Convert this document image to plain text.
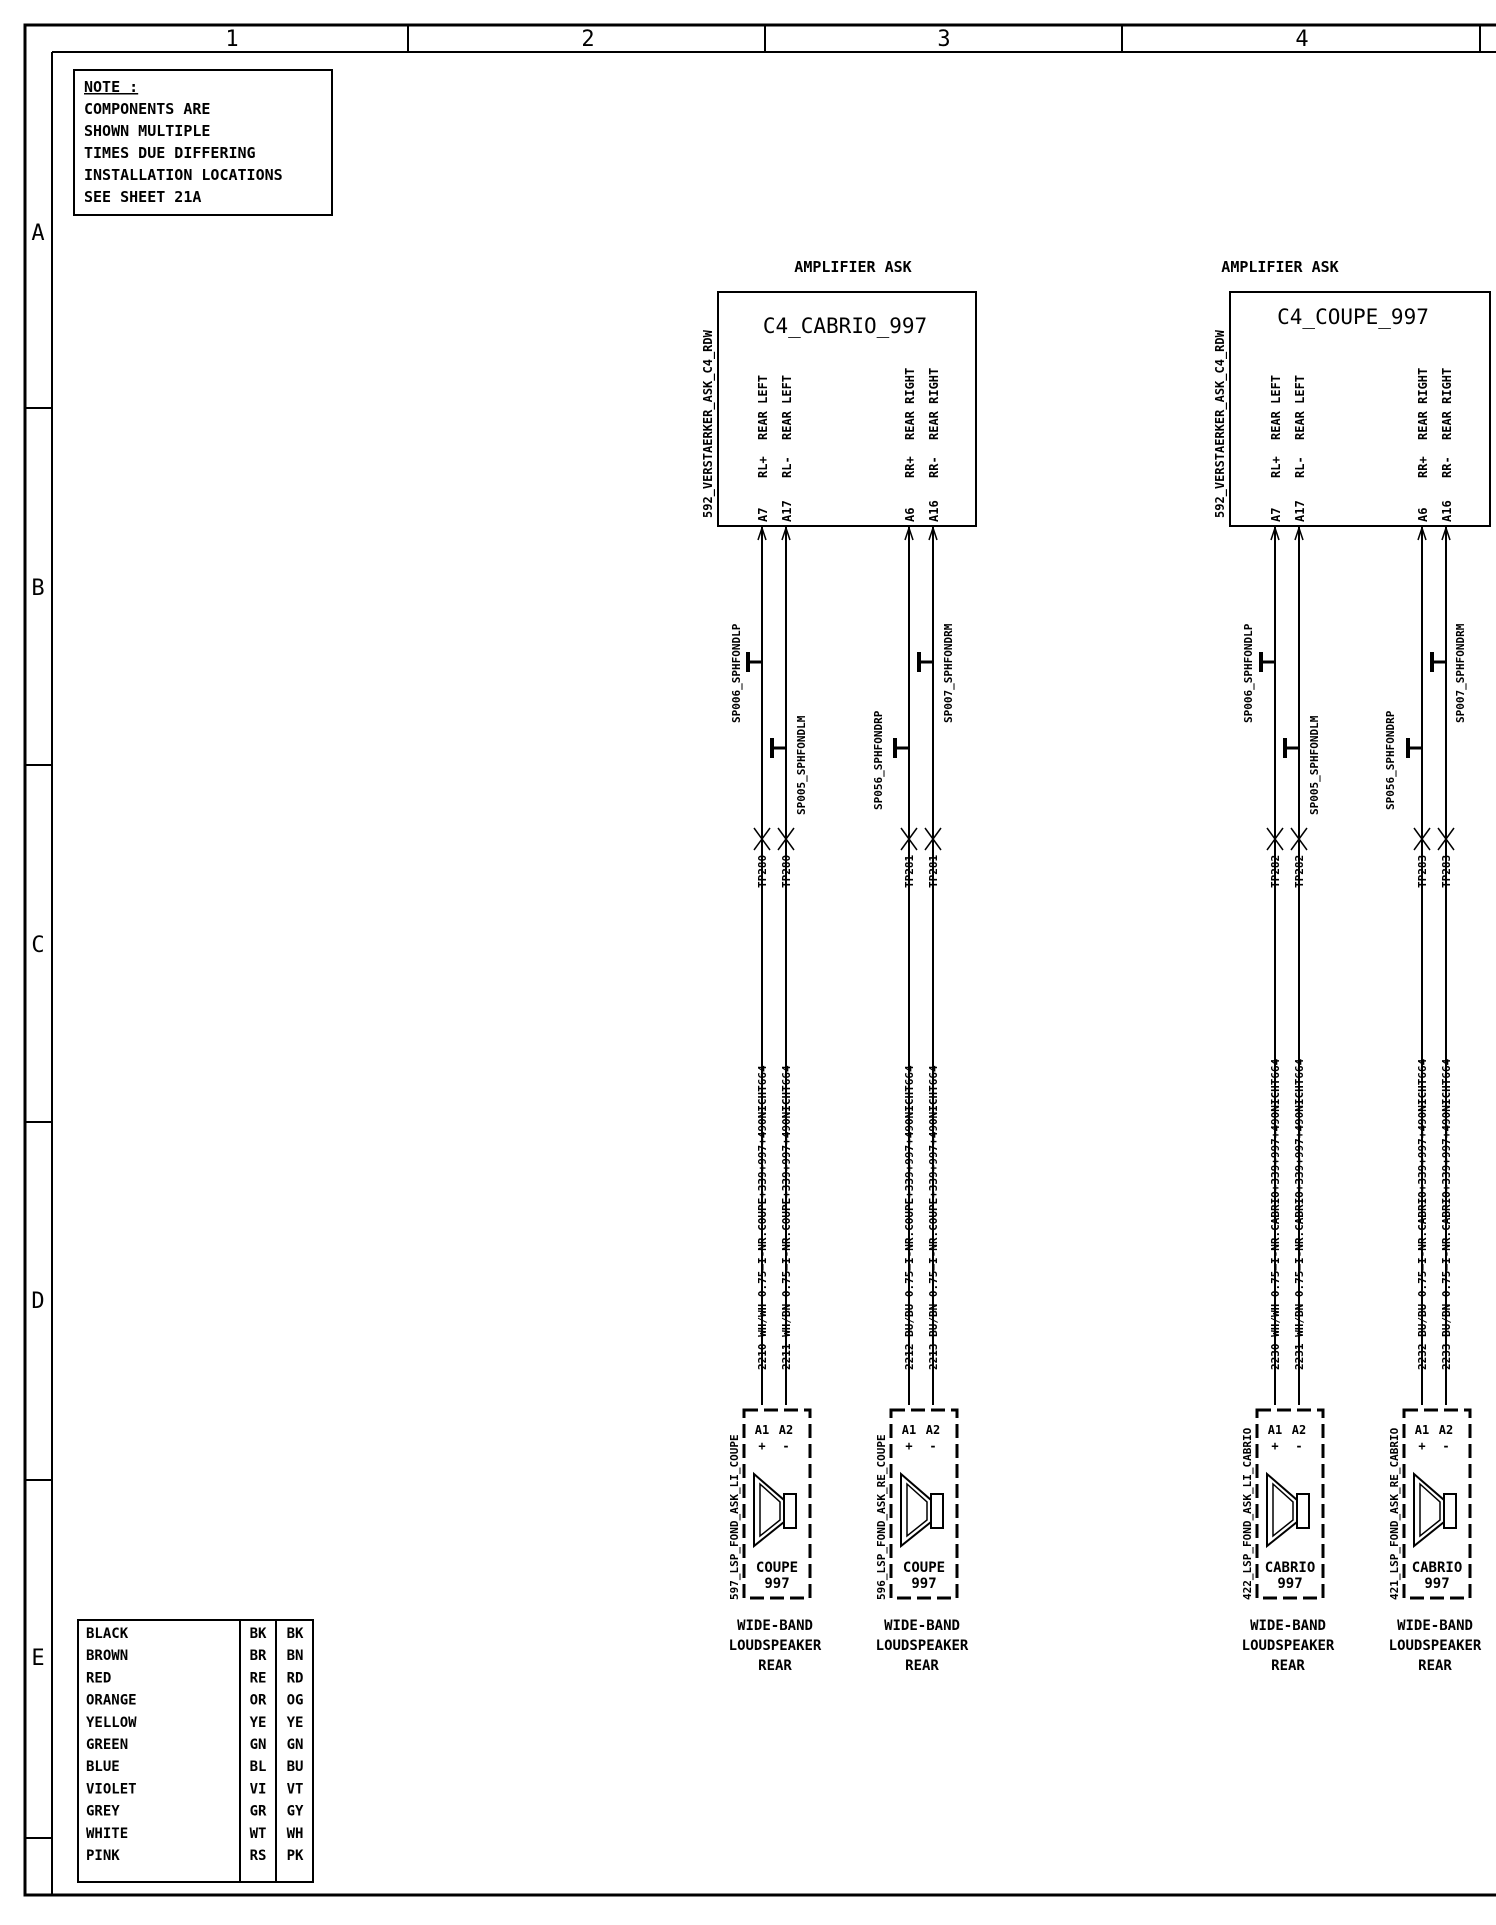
1	2	3	4
A
B
C
D
E
NOTE :
COMPONENTS ARE
SHOWN MULTIPLE
TIMES DUE DIFFERING
INSTALLATION LOCATIONS
SEE SHEET 21A
AMPLIFIER ASK
C4_CABRIO_997
592_VERSTAERKER_ASK_C4_RDW	REAR LEFT
RL+
A7
REAR LEFT
RL-
A17
REAR RIGHT
RR+
A6
REAR RIGHT
RR-
A16
AMPLIFIER ASK
C4_COUPE_997
592_VERSTAERKER_ASK_C4_RDW	REAR LEFT
RL+
A7
REAR LEFT
RL-
A17
REAR RIGHT
RR+
A6
REAR RIGHT
RR-
A16
SP006_SPHFONDLP
TP280
2210 WH/WH 0.75—I-NR.COUPE+339+997+490NICHT664
SP005_SPHFONDLM
TP280
2211 WH/BN 0.75—I-NR.COUPE+339+997+490NICHT664
SP056_SPHFONDRP
TP281
2212 BU/BU 0.75—I-NR.COUPE+339+997+490NICHT664
SP007_SPHFONDRM
TP281
2213 BU/BN 0.75—I-NR.COUPE+339+997+490NICHT664
SP006_SPHFONDLP
TP282
2230 WH/WH 0.75—I-NR.CABRIO+339+997+490NICHT664
SP005_SPHFONDLM
TP282
2231 WH/BN 0.75—I-NR.CABRIO+339+997+490NICHT664
SP056_SPHFONDRP
TP283
2232 BU/BU 0.75—I-NR.CABRIO+339+997+490NICHT664
SP007_SPHFONDRM
TP283
2233 BU/BN 0.75—I-NR.CABRIO+339+997+490NICHT664
597_LSP_FOND_ASK_LI_COUPE
A1 A2
+ -
COUPE
997
WIDE-BAND
LOUDSPEAKER
REAR
596_LSP_FOND_ASK_RE_COUPE
A1 A2
+ -
COUPE
997
WIDE-BAND
LOUDSPEAKER
REAR
422_LSP_FOND_ASK_LI_CABRIO A1 A2
+ -
CABRIO
997
WIDE-BAND
LOUDSPEAKER
REAR
421_LSP_FOND_ASK_RE_CABRIO A1 A2
+ -
CABRIO
997
WIDE-BAND
LOUDSPEAKER
REAR
BLACK	BK BK
BROWN	BR BN
RED	RE RD
ORANGE	OR OG
YELLOW	YE YE
GREEN	GN GN
BLUE	BL BU
VIOLET	VI VT
GREY	GR GY
WHITE	WT WH
PINK	RS PK
